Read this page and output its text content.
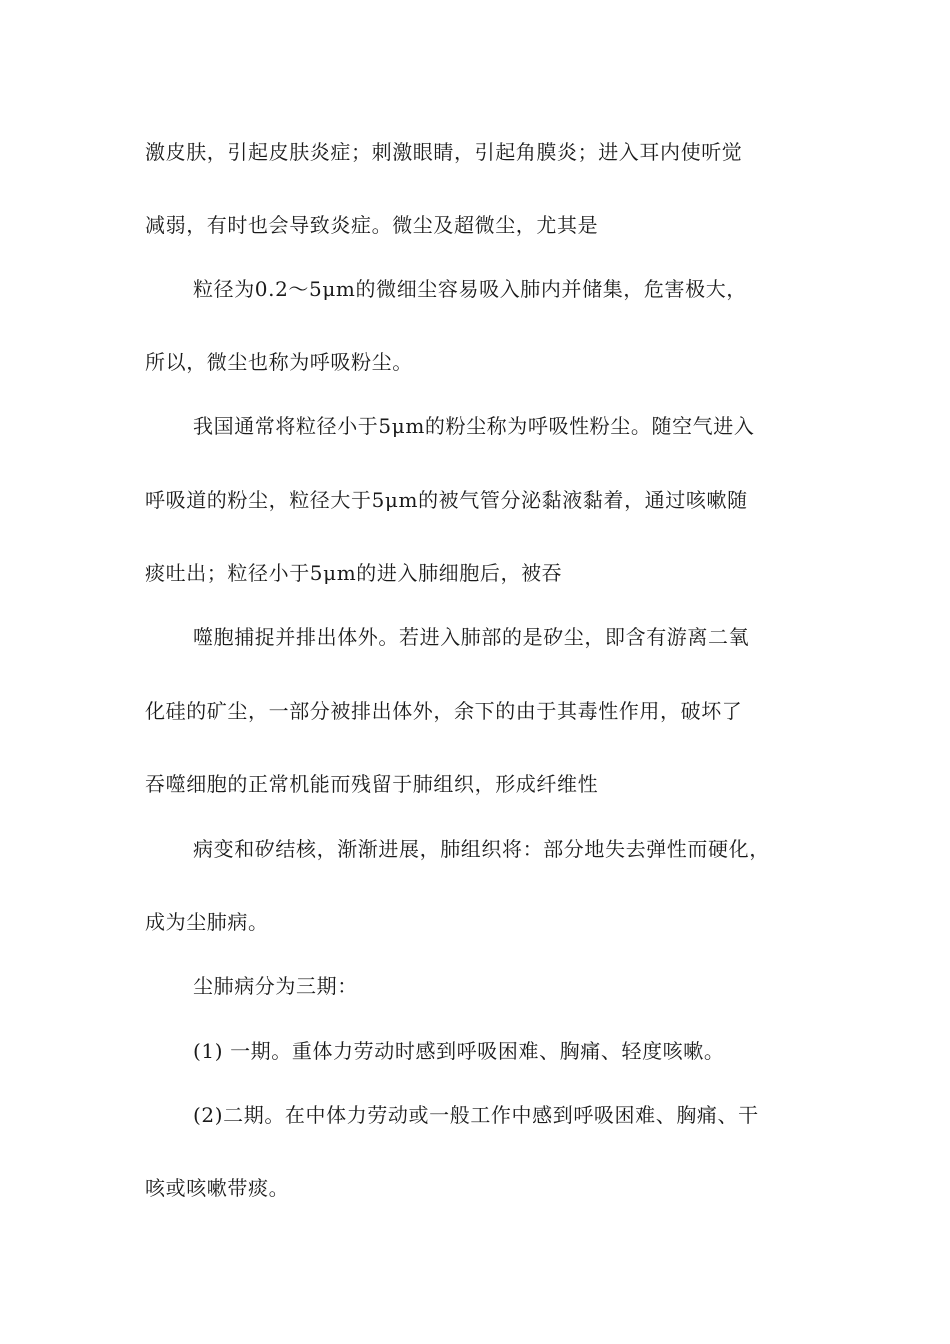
激皮肤，引起皮肤炎症；刺激眼睛，引起角膜炎；进入耳内使听觉
减弱，有时也会导致炎症。微尘及超微尘，尤其是
粒径为0.2～5μm的微细尘容易吸入肺内并储集，危害极大，
所以，微尘也称为呼吸粉尘。
我国通常将粒径小于5μm的粉尘称为呼吸性粉尘。随空气进入
呼吸道的粉尘，粒径大于5μm的被气管分泌黏液黏着，通过咳嗽随
痰吐出；粒径小于5μm的进入肺细胞后，被吞
噬胞捕捉并排出体外。若进入肺部的是矽尘，即含有游离二氧
化硅的矿尘，一部分被排出体外，余下的由于其毒性作用，破坏了
吞噬细胞的正常机能而残留于肺组织，形成纤维性
病变和矽结核，渐渐进展，肺组织将：部分地失去弹性而硬化，
成为尘肺病。
尘肺病分为三期：
(1) 一期。重体力劳动时感到呼吸困难、胸痛、轻度咳嗽。
(2)二期。在中体力劳动或一般工作中感到呼吸困难、胸痛、干
咳或咳嗽带痰。
